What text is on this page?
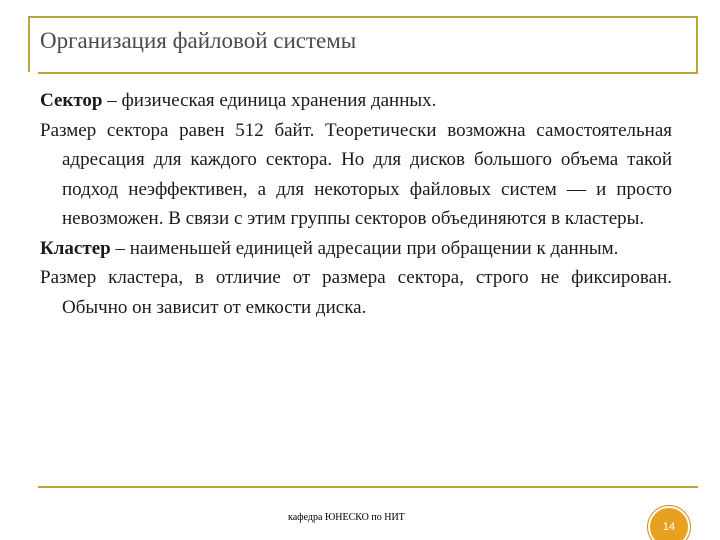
Организация файловой системы

Сектор – физическая единица хранения данных.

Размер сектора равен 512 байт. Теоретически возможна самостоятельная адресация для каждого сектора. Но для дисков большого объема такой подход неэффективен, а для некоторых файловых систем — и просто невозможен. В связи с этим группы секторов объединяются в кластеры.

Кластер – наименьшей единицей адресации при обращении к данным.

Размер кластера, в отличие от размера сектора, строго не фиксирован. Обычно он зависит от емкости диска.

кафедра ЮНЕСКО по НИТ
14
